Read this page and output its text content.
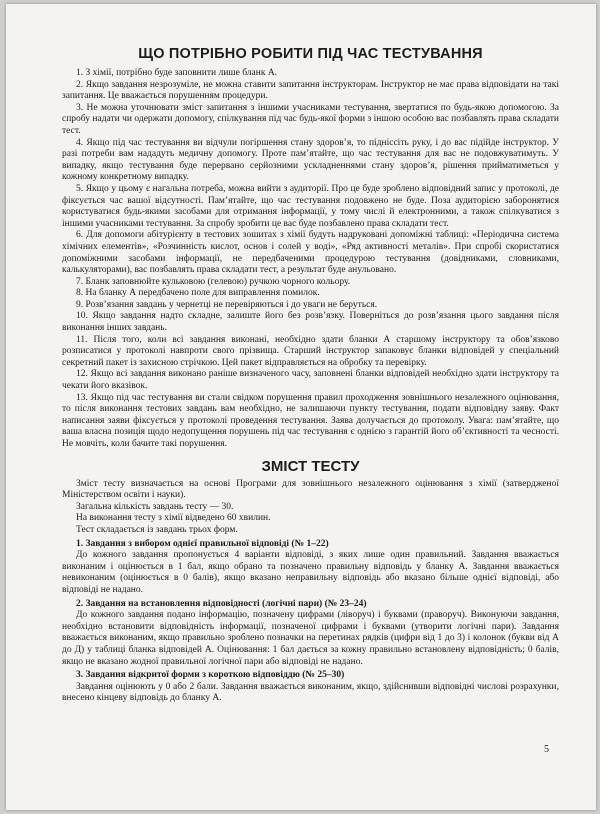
ЩО ПОТРІБНО РОБИТИ ПІД ЧАС ТЕСТУВАННЯ

1. З хімії, потрібно буде заповнити лише бланк А.

2. Якщо завдання незрозуміле, не можна ставити запитання інструкторам. Інструктор не має права відповідати на такі запитання. Це вважається порушенням процедури.

3. Не можна уточнювати зміст запитання з іншими учасниками тестування, звертатися по будь-якою допомогою. За спробу надати чи одержати допомогу, спілкування під час будь-якої форми з іншою особою вас позбавлять права складати тест.

4. Якщо під час тестування ви відчули погіршення стану здоров’я, то підніссіть руку, і до вас підійде інструктор. У разі потреби вам нададуть медичну допомогу. Проте пам’ятайте, що час тестування для вас не подовжуватимуть. У випадку, якщо тестування буде перервано серйозними ускладненнями стану здоров’я, рішення прийматиметься у кожному конкретному випадку.

5. Якщо у цьому є нагальна потреба, можна вийти з аудиторії. Про це буде зроблено відповідний запис у протоколі, де фіксується час вашої відсутності. Пам’ятайте, що час тестування подовжено не буде. Поза аудиторією заборонятися користуватися будь-якими засобами для отримання інформації, у тому числі й електронними, а також спілкуватися з іншими учасниками тестування. За спробу зробити це вас буде позбавлено права складати тест.

6. Для допомоги абітурієнту в тестових зошитах з хімії будуть надруковані допоміжні таблиці: «Періодична система хімічних елементів», «Розчинність кислот, основ і солей у воді», «Ряд активності металів». При спробі скористатися допоміжними засобами інформації, не передбаченими процедурою тестування (довідниками, словниками, калькуляторами), вас позбавлять права складати тест, а результат буде анульовано.

7. Бланк заповнюйте кульковою (гелевою) ручкою чорного кольору.

8. На бланку А передбачено поле для виправлення помилок.

9. Розв’язання завдань у чернетці не перевіряються і до уваги не беруться.

10. Якщо завдання надто складне, залиште його без розв’язку. Поверніться до розв’язання цього завдання після виконання інших завдань.

11. Після того, коли всі завдання виконані, необхідно здати бланки А старшому інструктору та обов’язково розписатися у протоколі навпроти свого прізвища. Старший інструктор запаковує бланки відповідей у спеціальний секретний пакет із захисною стрічкою. Цей пакет відправляється на обробку та перевірку.

12. Якщо всі завдання виконано раніше визначеного часу, заповнені бланки відповідей необхідно здати інструктору та чекати його вказівок.

13. Якщо під час тестування ви стали свідком порушення правил проходження зовнішнього незалежного оцінювання, то після виконання тестових завдань вам необхідно, не залишаючи пункту тестування, подати відповідну заяву. Факт написання заяви фіксується у протоколі проведення тестування. Заява долучається до протоколу. Увага: пам’ятайте, що ваша власна позиція щодо недопущення порушень під час тестування є однією з гарантій його об’єктивності та чесності. Не мовчіть, коли бачите такі порушення.

ЗМІСТ ТЕСТУ

Зміст тесту визначається на основі Програми для зовнішнього незалежного оцінювання з хімії (затвердженої Міністерством освіти і науки).

Загальна кількість завдань тесту — 30.

На виконання тесту з хімії відведено 60 хвилин.

Тест складається із завдань трьох форм.

1. Завдання з вибором однієї правильної відповіді (№ 1–22)

До кожного завдання пропонується 4 варіанти відповіді, з яких лише один правильний. Завдання вважається виконаним і оцінюється в 1 бал, якщо обрано та позначено правильну відповідь у бланку А. Завдання вважається невиконаним (оцінюється в 0 балів), якщо вказано неправильну відповідь або вказано більше однієї відповіді, або відповіді не надано.

2. Завдання на встановлення відповідності (логічні пари) (№ 23–24)

До кожного завдання подано інформацію, позначену цифрами (ліворуч) і буквами (праворуч). Виконуючи завдання, необхідно встановити відповідність інформації, позначеної цифрами і буквами (утворити логічні пари). Завдання вважається виконаним, якщо правильно зроблено позначки на перетинах рядків (цифри від 1 до 3) і колонок (букви від А до Д) у таблиці бланка відповідей А. Оцінювання: 1 бал дається за кожну правильно встановлену відповідність; 0 балів, якщо не вказано жодної правильної логічної пари або відповіді не надано.

3. Завдання відкритої форми з короткою відповіддю (№ 25–30)

Завдання оцінюють у 0 або 2 бали. Завдання вважається виконаним, якщо, здійснивши відповідні числові розрахунки, внесено кінцеву відповідь до бланку А.

5
